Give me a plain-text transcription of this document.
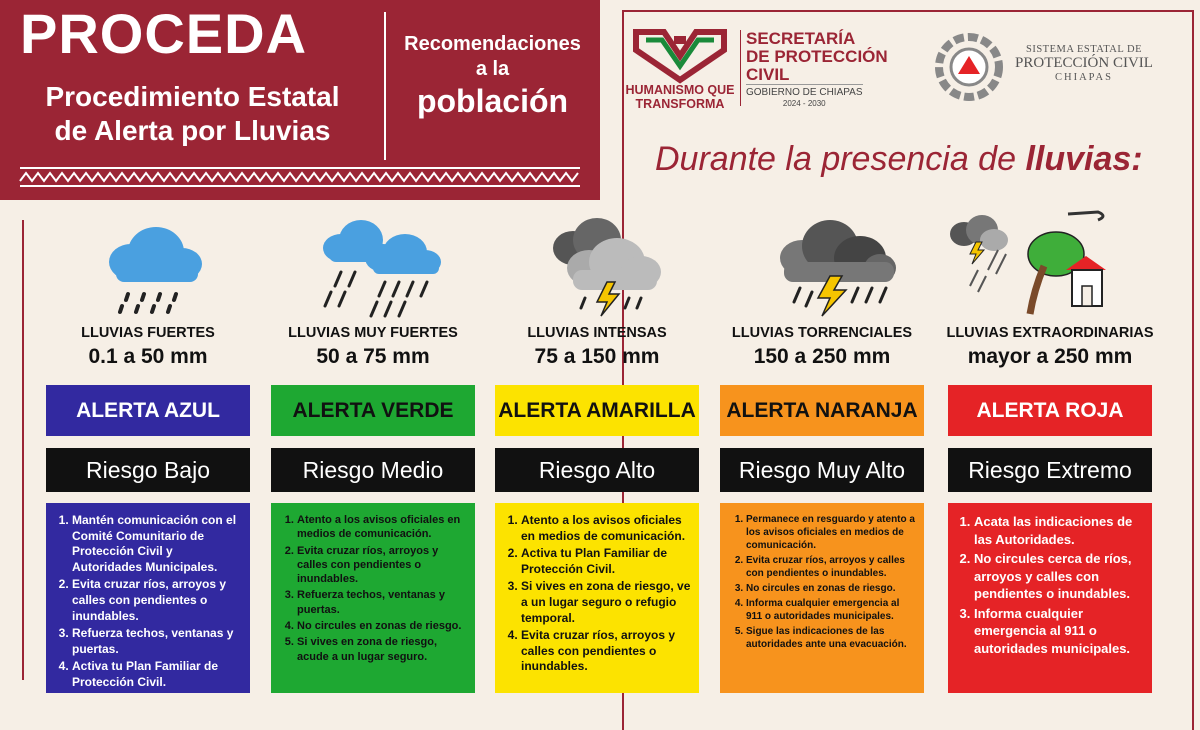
PROCEDA
Procedimiento Estatal
de Alerta por Lluvias
Recomendaciones
a la
población	HUMANISMO QUE
TRANSFORMA
SECRETARÍA
DE PROTECCIÓN
CIVIL
GOBIERNO DE CHIAPAS
2024 - 2030
SISTEMA ESTATAL DE
PROTECCIÓN CIVIL
CHIAPAS
Durante la presencia de lluvias:
LLUVIAS FUERTES
0.1 a 50 mm
ALERTA AZUL
Riesgo Bajo
1. Mantén comunicación con el Comité Comunitario de Protección Civil y Autoridades Municipales.
2. Evita cruzar ríos, arroyos y calles con pendientes o inundables.
3. Refuerza techos, ventanas y puertas.
4. Activa tu Plan Familiar de Protección Civil.
LLUVIAS MUY FUERTES
50 a 75 mm
ALERTA VERDE
Riesgo Medio
1. Atento a los avisos oficiales en medios de comunicación.
2. Evita cruzar ríos, arroyos y calles con pendientes o inundables.
3. Refuerza techos, ventanas y puertas.
4. No circules en zonas de riesgo.
5. Si vives en zona de riesgo, acude a un lugar seguro.
LLUVIAS INTENSAS
75 a 150 mm
ALERTA AMARILLA
Riesgo Alto
1. Atento a los avisos oficiales en medios de comunicación.
2. Activa tu Plan Familiar de Protección Civil.
3. Si vives en zona de riesgo, ve a un lugar seguro o refugio temporal.
4. Evita cruzar ríos, arroyos y calles con pendientes o inundables.
LLUVIAS TORRENCIALES
150 a 250 mm
ALERTA NARANJA
Riesgo Muy Alto
1. Permanece en resguardo y atento a los avisos oficiales en medios de comunicación.
2. Evita cruzar ríos, arroyos y calles con pendientes o inundables.
3. No circules en zonas de riesgo.
4. Informa cualquier emergencia al 911 o autoridades municipales.
5. Sigue las indicaciones de las autoridades ante una evacuación.
LLUVIAS EXTRAORDINARIAS
mayor a 250 mm
ALERTA ROJA
Riesgo Extremo
1. Acata las indicaciones de las Autoridades.
2. No circules cerca de ríos, arroyos y calles con pendientes o inundables.
3. Informa cualquier emergencia al 911 o autoridades municipales.
